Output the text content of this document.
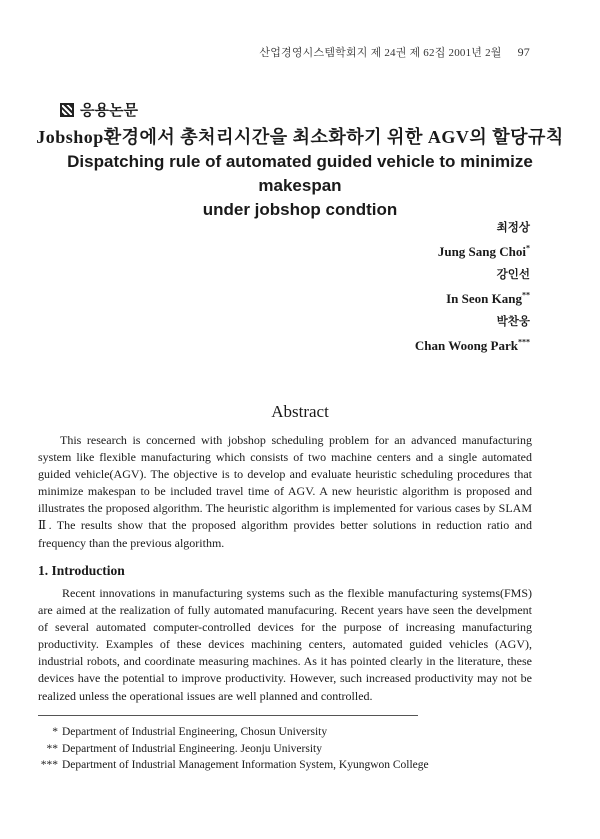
산업경영시스템학회지 제 24권 제 62집 2001년 2월 97
응용논문
Jobshop환경에서 총처리시간을 최소화하기 위한 AGV의 할당규칙
Dispatching rule of automated guided vehicle to minimize makespan
under jobshop condtion
최정상
Jung Sang Choi*
강인선
In Seon Kang**
박찬웅
Chan Woong Park***
Abstract

This research is concerned with jobshop scheduling problem for an advanced manufacturing system like flexible manufacturing which consists of two machine centers and a single automated guided vehicle(AGV). The objective is to develop and evaluate heuristic scheduling procedures that minimize makespan to be included travel time of AGV. A new heuristic algorithm is proposed and illustrates the proposed algorithm. The heuristic algorithm is implemented for various cases by SLAM Ⅱ. The results show that the proposed algorithm provides better solutions in reduction ratio and frequency than the previous algorithm.

1. Introduction

Recent innovations in manufacturing systems such as the flexible manufacturing systems(FMS) are aimed at the realization of fully automated manufacuring. Recent years have seen the develpment of several automated computer-controlled devices for the purpose of increasing manufacturing productivity. Examples of these devices machining centers, automated guided vehicles (AGV), industrial robots, and coordinate measuring machines. As it has pointed clearly in the literature, these devices have the potential to improve productivity. However, such increased productivity may not be realized unless the operational issues are well planned and controlled.

* Department of Industrial Engineering, Chosun University
** Department of Industrial Engineering. Jeonju University
*** Department of Industrial Management Information System, Kyungwon College
